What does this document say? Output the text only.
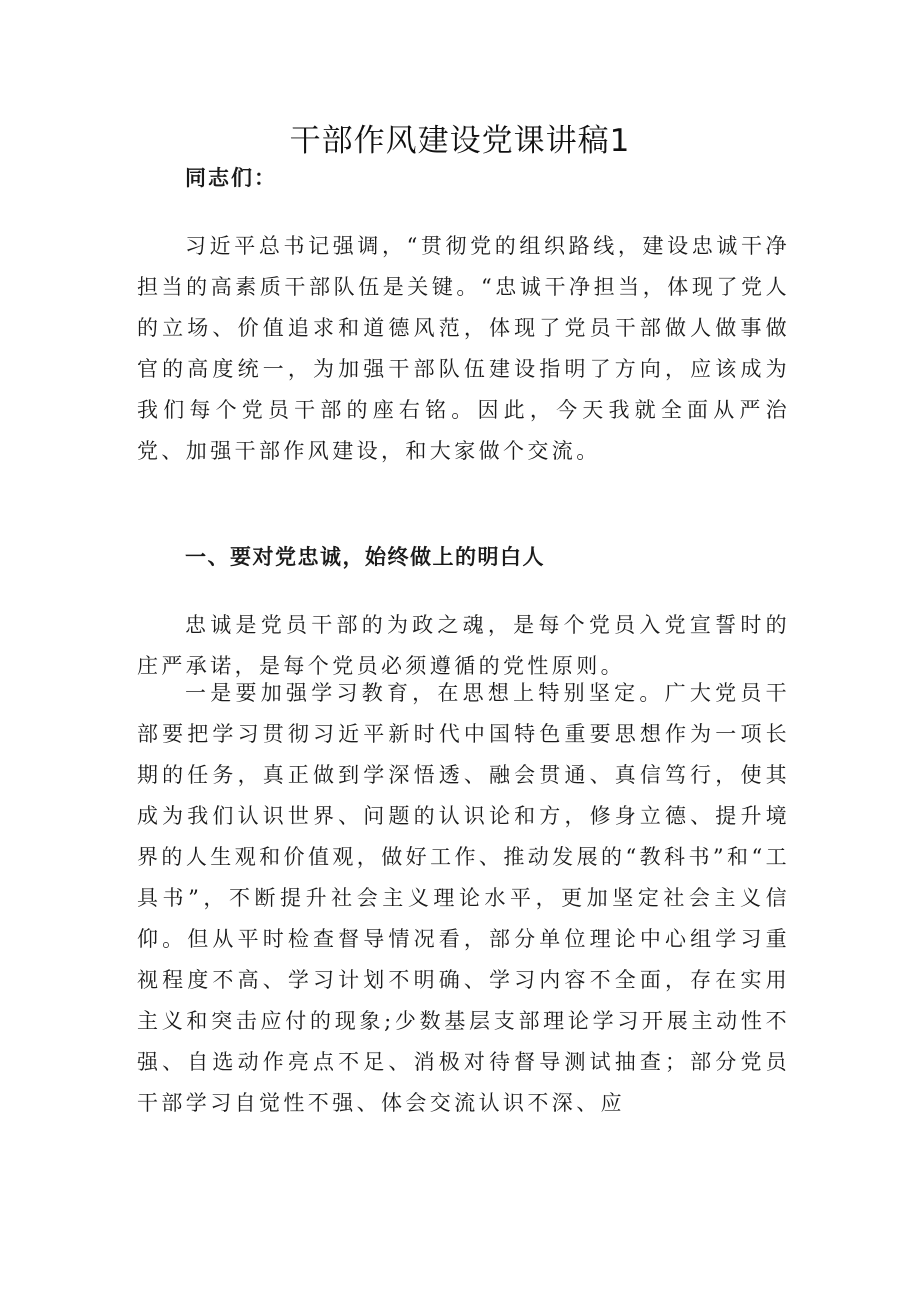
干部作风建设党课讲稿1

同志们：

习近平总书记强调，“贯彻党的组织路线，建设忠诚干净担当的高素质干部队伍是关键。“忠诚干净担当，体现了党人的立场、价值追求和道德风范，体现了党员干部做人做事做官的高度统一，为加强干部队伍建设指明了方向，应该成为我们每个党员干部的座右铭。因此，今天我就全面从严治党、加强干部作风建设，和大家做个交流。

一、要对党忠诚，始终做上的明白人

忠诚是党员干部的为政之魂，是每个党员入党宣誓时的庄严承诺，是每个党员必须遵循的党性原则。

一是要加强学习教育，在思想上特别坚定。广大党员干部要把学习贯彻习近平新时代中国特色重要思想作为一项长期的任务，真正做到学深悟透、融会贯通、真信笃行，使其成为我们认识世界、问题的认识论和方，修身立德、提升境界的人生观和价值观，做好工作、推动发展的“教科书”和“工具书”，不断提升社会主义理论水平，更加坚定社会主义信仰。但从平时检查督导情况看，部分单位理论中心组学习重视程度不高、学习计划不明确、学习内容不全面，存在实用主义和突击应付的现象;少数基层支部理论学习开展主动性不强、自选动作亮点不足、消极对待督导测试抽查；部分党员干部学习自觉性不强、体会交流认识不深、应
